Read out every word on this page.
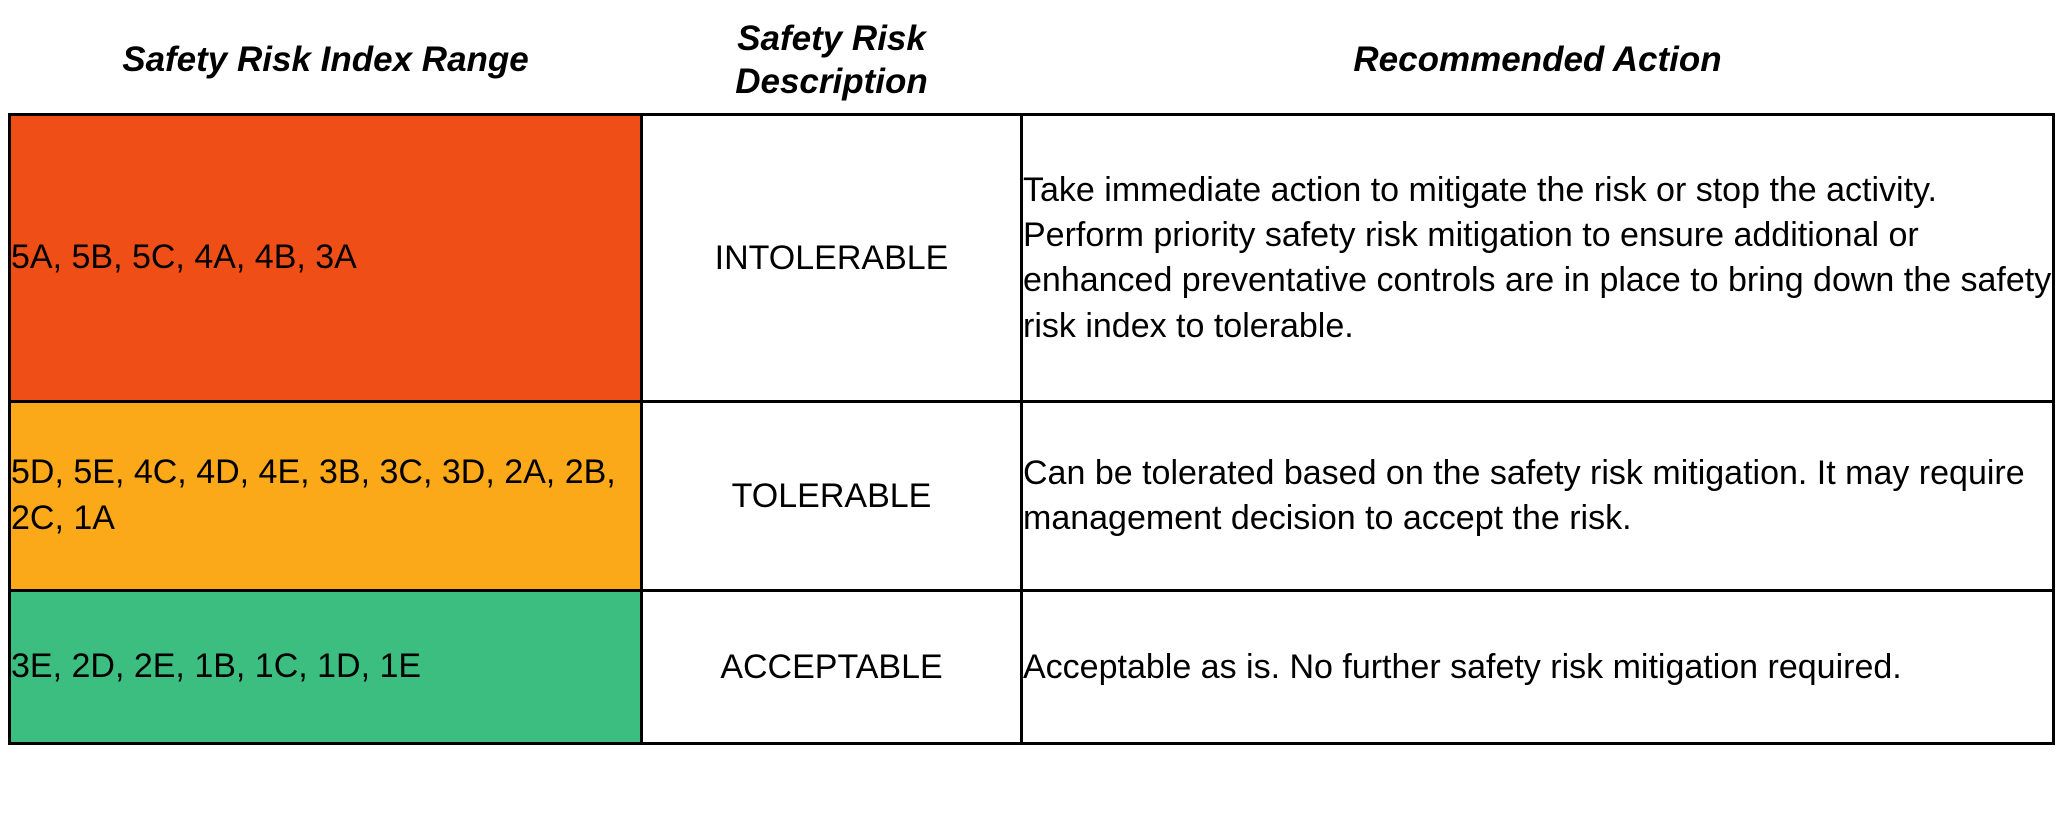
Safety Risk Index Range	Safety Risk Description	Recommended Action
5A, 5B, 5C, 4A, 4B, 3A	INTOLERABLE	Take immediate action to mitigate the risk or stop the activity. Perform priority safety risk mitigation to ensure additional or enhanced preventative controls are in place to bring down the safety risk index to tolerable.
5D, 5E, 4C, 4D, 4E, 3B, 3C, 3D, 2A, 2B, 2C, 1A	TOLERABLE	Can be tolerated based on the safety risk mitigation. It may require management decision to accept the risk.
3E, 2D, 2E, 1B, 1C, 1D, 1E	ACCEPTABLE	Acceptable as is. No further safety risk mitigation required.
